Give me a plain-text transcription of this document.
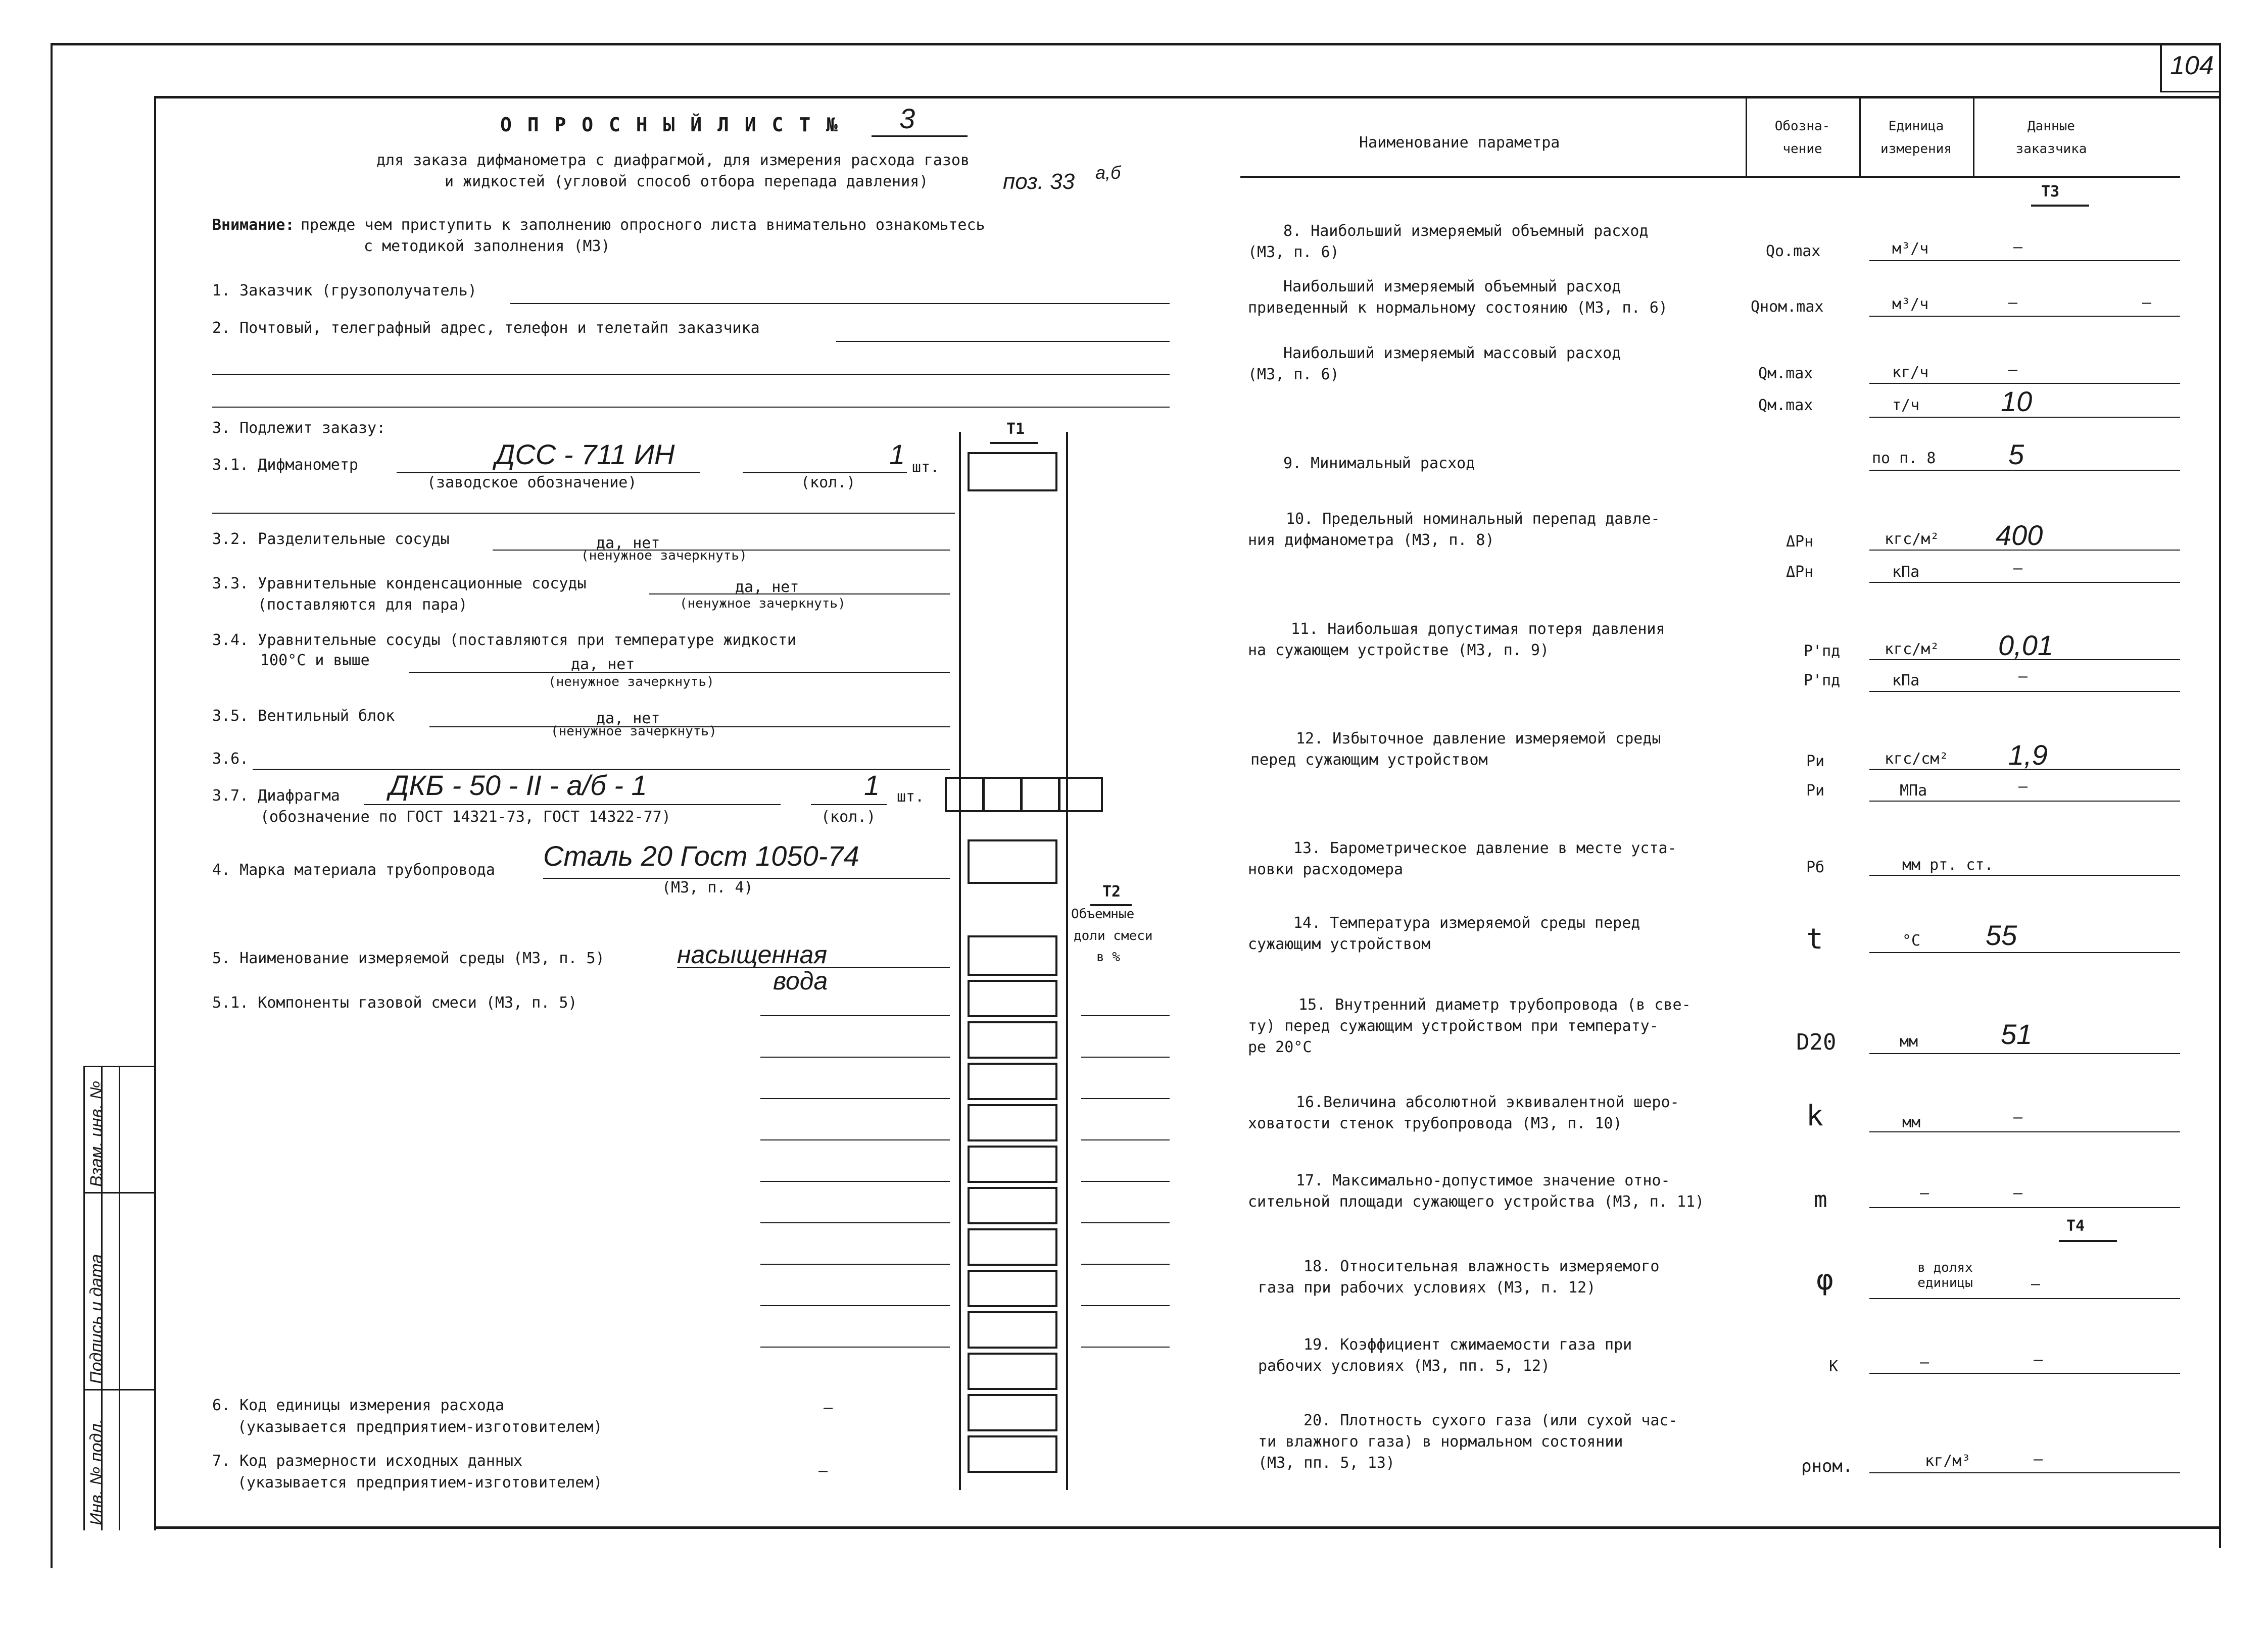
104
Инв. № подл.
Подпись и дата
Взам. инв. №
О П Р О С Н Ы Й Л И С Т № 3
для заказа дифманометра с диафрагмой, для измерения расхода газов
и жидкостей (угловой способ отбора перепада давления)	поз. 33 а,б
Внимание: прежде чем приступить к заполнению опросного листа внимательно ознакомьтесь
с методикой заполнения (М3)
1. Заказчик (грузополучатель)
2. Почтовый, телеграфный адрес, телефон и телетайп заказчика
3. Подлежит заказу:	Т1
3.1. Дифманометр	ДСС - 711 ИН	1 шт.
(заводское обозначение)	(кол.)
3.2. Разделительные сосуды	да, нет
(ненужное зачеркнуть)
3.3. Уравнительные конденсационные сосуды
(поставляются для пара)
да, нет
(ненужное зачеркнуть)
3.4. Уравнительные сосуды (поставляются при температуре жидкости
100°С и выше	да, нет
(ненужное зачеркнуть)
3.5. Вентильный блок	да, нет
(ненужное зачеркнуть)
3.6.
3.7. Диафрагма ДКБ - 50 - II - а/б - 1	1 шт.
(обозначение по ГОСТ 14321-73, ГОСТ 14322-77)	(кол.)
4. Марка материала трубопровода Сталь 20 Гост 1050-74
(М3, п. 4)	Т2
Объемные
доли смеси
в %
5. Наименование измеряемой среды (М3, п. 5)	насыщенная
вода
5.1. Компоненты газовой смеси (М3, п. 5)
6. Код единицы измерения расхода
(указывается предприятием-изготовителем)
–
7. Код размерности исходных данных
(указывается предприятием-изготовителем)
–
Наименование параметра
Обозна-
чение
Единица
измерения
Данные
заказчика
Т3
8. Наибольший измеряемый объемный расход
(М3, п. 6)	Qо.max	м³/ч	–
Наибольший измеряемый объемный расход
приведенный к нормальному состоянию (М3, п. 6)	Qном.max	м³/ч	–	–
Наибольший измеряемый массовый расход
(М3, п. 6)	Qм.max	кг/ч	–
Qм.max	т/ч	10
9. Минимальный расход	по п. 8	5
10. Предельный номинальный перепад давле-
ния дифманометра (М3, п. 8)	ΔPн	кгс/м² 400
ΔPн	кПа	–
11. Наибольшая допустимая потеря давления
на сужающем устройстве (М3, п. 9)	P'пд	кгс/м² 0,01
P'пд	кПа	–
12. Избыточное давление измеряемой среды
перед сужающим устройством	Pи	кгс/см² 1,9
Pи	МПа	–
13. Барометрическое давление в месте уста-
новки расходомера	Pб	мм рт. ст.
14. Температура измеряемой среды перед
сужающим устройством	t	°С 55
15. Внутренний диаметр трубопровода (в све-
ту) перед сужающим устройством при температу-
ре 20°С	D20	мм	51
16.Величина абсолютной эквивалентной шеро-
ховатости стенок трубопровода (М3, п. 10)	k	мм	–
17. Максимально-допустимое значение отно-
сительной площади сужающего устройства (М3, п. 11)	m	–	–
Т4
18. Относительная влажность измеряемого
газа при рабочих условиях (М3, п. 12)	φ	в долях единицы	–
19. Коэффициент сжимаемости газа при
рабочих условиях (М3, пп. 5, 12)	K	–	–
20. Плотность сухого газа (или сухой час-
ти влажного газа) в нормальном состоянии
(М3, пп. 5, 13)	ρном.	кг/м³	–
